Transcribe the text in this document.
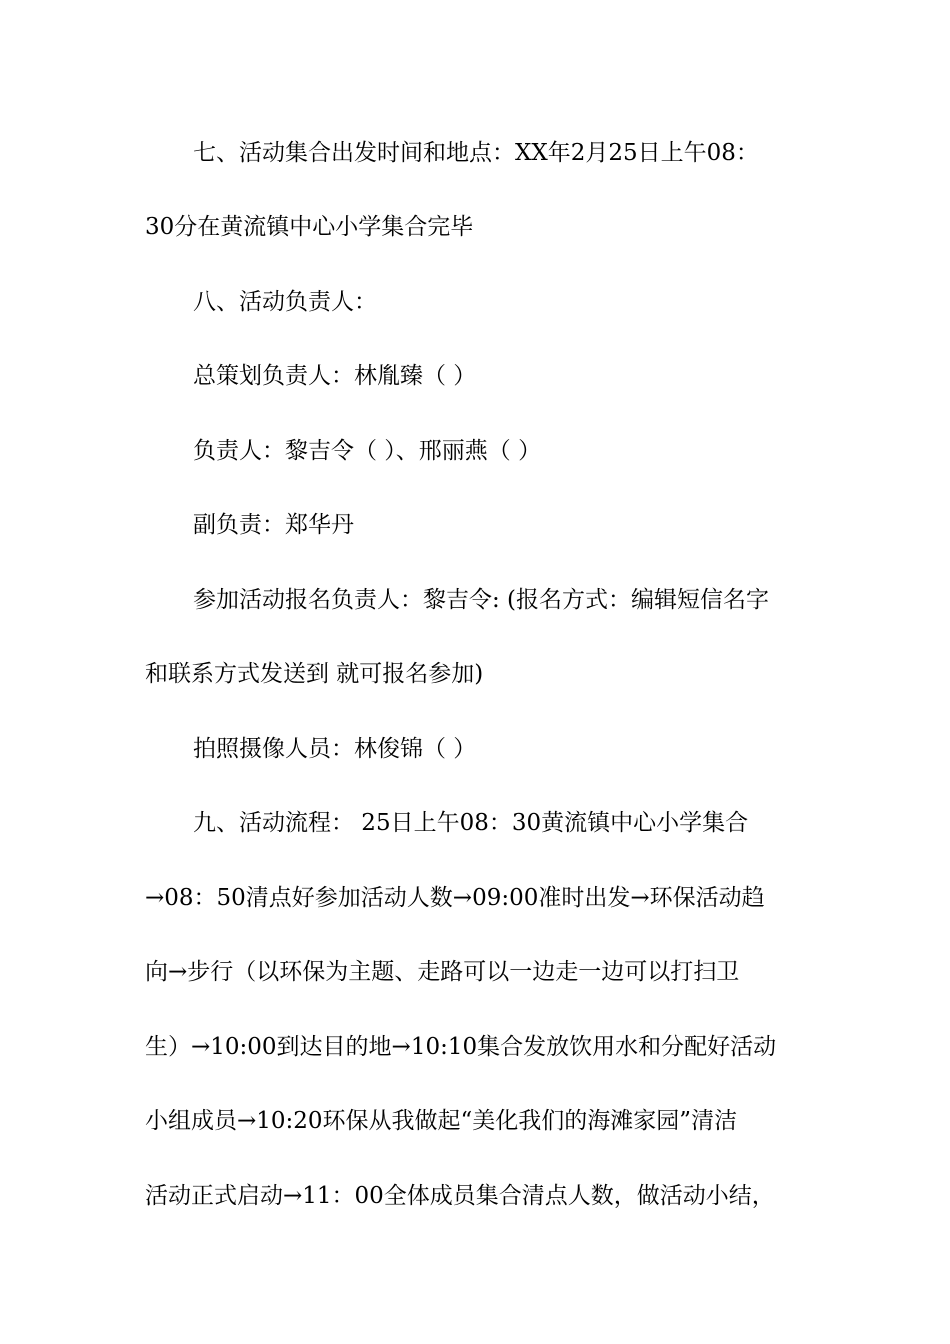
七、活动集合出发时间和地点：XX年2月25日上午08：
30分在黄流镇中心小学集合完毕
八、活动负责人：
总策划负责人：林胤臻（ ）
负责人：黎吉令（ ）、邢丽燕（ ）
副负责：郑华丹
参加活动报名负责人：黎吉令: (报名方式：编辑短信名字
和联系方式发送到 就可报名参加)
拍照摄像人员：林俊锦（ ）
九、活动流程： 25日上午08：30黄流镇中心小学集合
→08：50清点好参加活动人数→09:00准时出发→环保活动趋
向→步行（以环保为主题、走路可以一边走一边可以打扫卫
生）→10:00到达目的地→10:10集合发放饮用水和分配好活动
小组成员→10:20环保从我做起“美化我们的海滩家园”清洁
活动正式启动→11：00全体成员集合清点人数，做活动小结，
